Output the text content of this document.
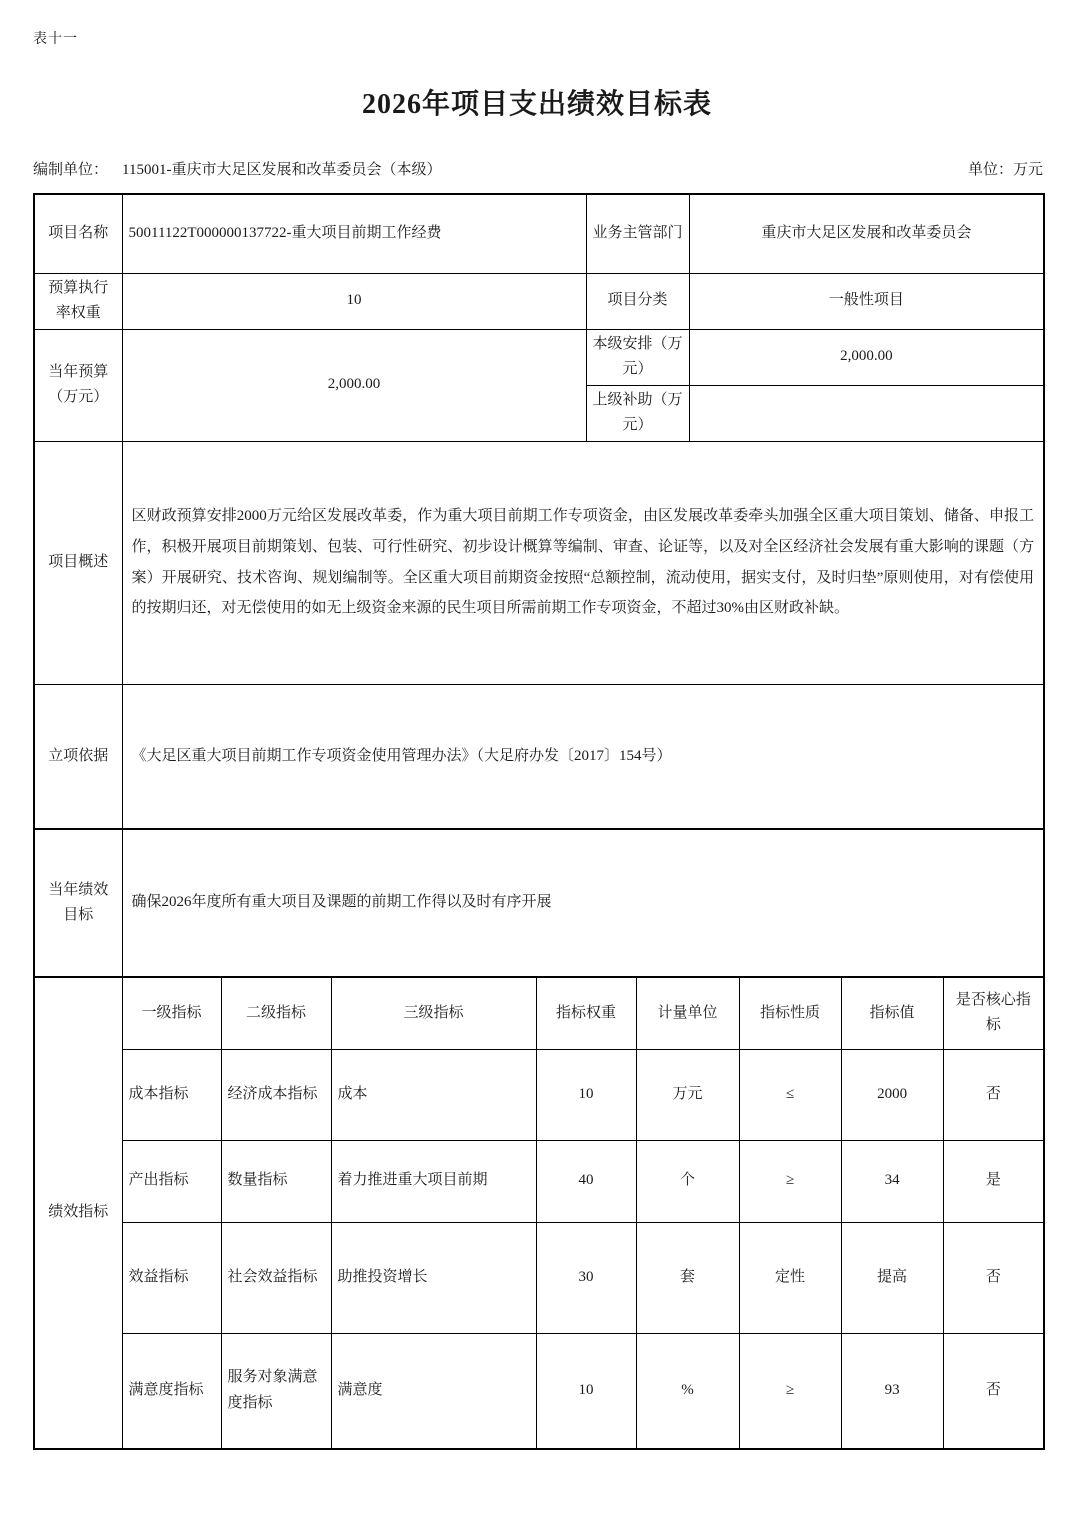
表十一
2026年项目支出绩效目标表
编制单位： 115001-重庆市大足区发展和改革委员会（本级）	单位：万元
项目名称	50011122T000000137722-重大项目前期工作经费				业务主管部门		重庆市大足区发展和改革委员会			
预算执行率权重	10				项目分类		一般性项目			
当年预算（万元）	2,000.00				本级安排（万元）		2,000.00			
					上级补助（万元）					
项目概述	区财政预算安排2000万元给区发展改革委，作为重大项目前期工作专项资金，由区发展改革委牵头加强全区重大项目策划、储备、申报工作，积极开展项目前期策划、包装、可行性研究、初步设计概算等编制、审查、论证等，以及对全区经济社会发展有重大影响的课题（方案）开展研究、技术咨询、规划编制等。全区重大项目前期资金按照“总额控制，流动使用，据实支付，及时归垫”原则使用，对有偿使用的按期归还，对无偿使用的如无上级资金来源的民生项目所需前期工作专项资金，不超过30%由区财政补缺。									
立项依据	《大足区重大项目前期工作专项资金使用管理办法》（大足府办发〔2017〕154号）									
当年绩效目标	确保2026年度所有重大项目及课题的前期工作得以及时有序开展									
绩效指标	一级指标	二级指标	三级指标	指标权重		计量单位		指标性质	指标值	是否核心指标
	成本指标	经济成本指标	成本	10		万元		≤	2000	否
	产出指标	数量指标	着力推进重大项目前期	40		个		≥	34	是
	效益指标	社会效益指标	助推投资增长	30		套		定性	提高	否
	满意度指标	服务对象满意度指标	满意度	10		%		≥	93	否
